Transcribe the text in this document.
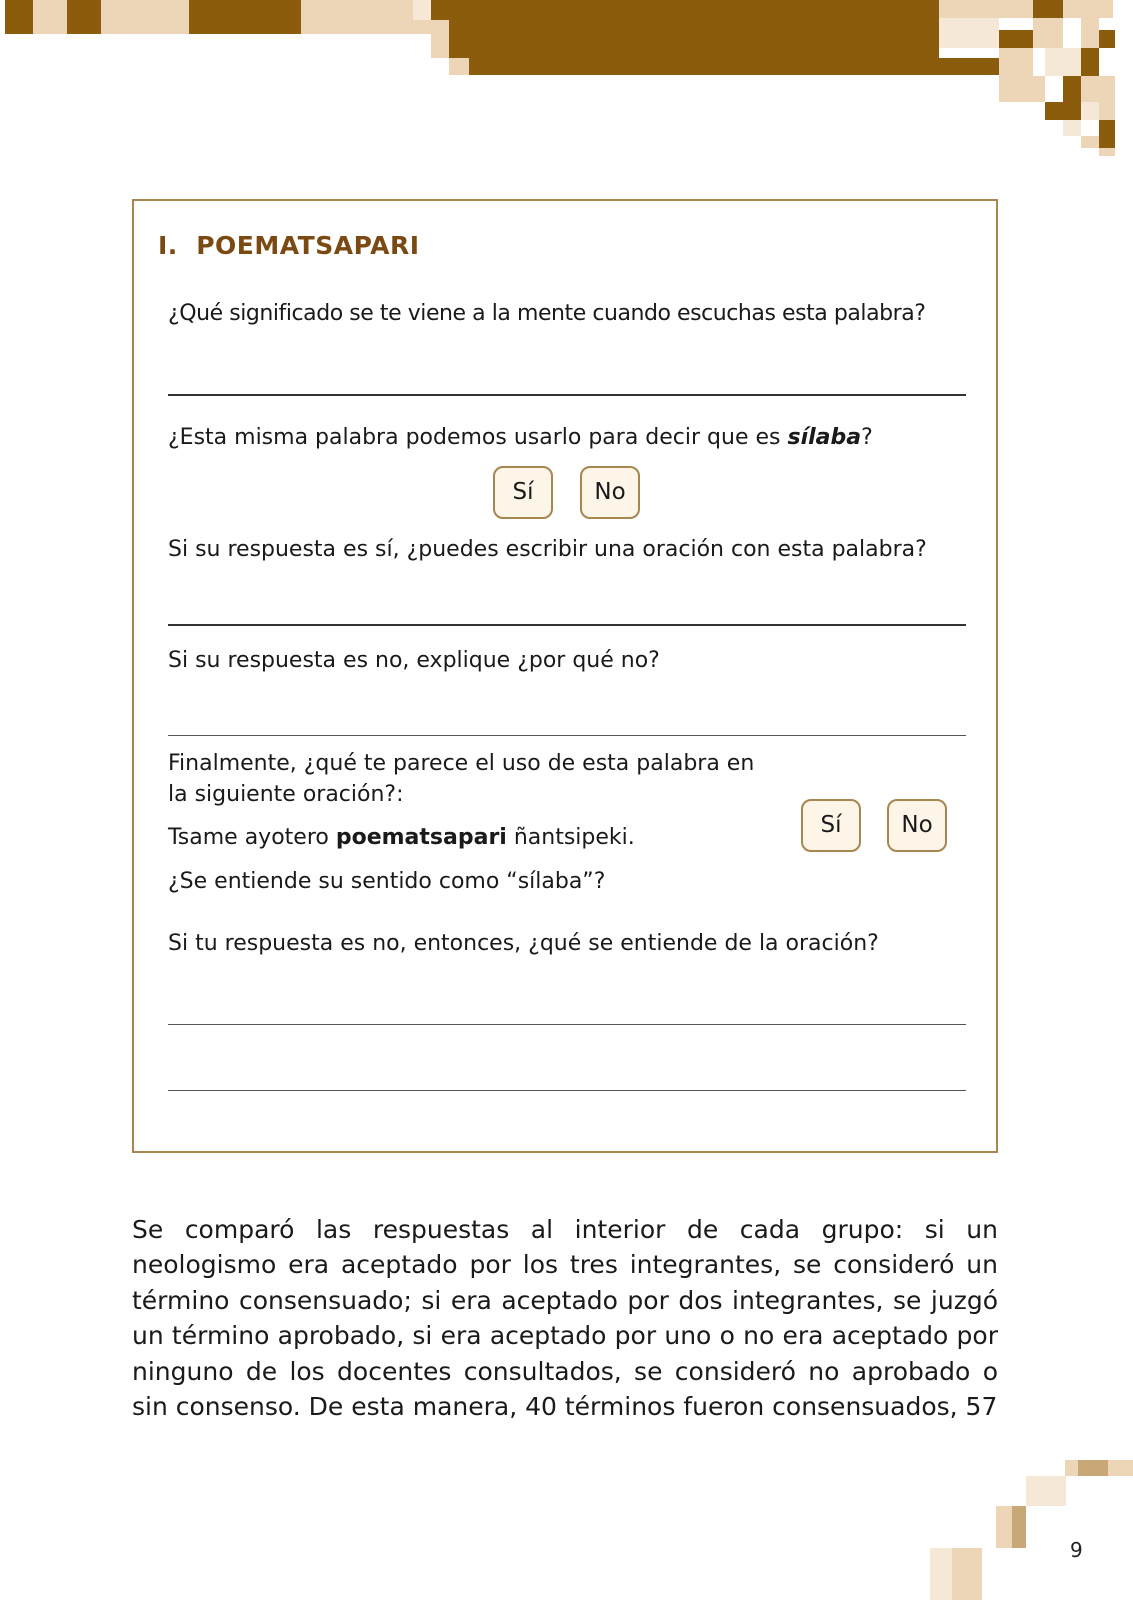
I. POEMATSAPARI
¿Qué significado se te viene a la mente cuando escuchas esta palabra?
¿Esta misma palabra podemos usarlo para decir que es sílaba?
Sí	No
Si su respuesta es sí, ¿puedes escribir una oración con esta palabra?
Si su respuesta es no, explique ¿por qué no?
Finalmente, ¿qué te parece el uso de esta palabra en
la siguiente oración?:
Tsame ayotero poematsapari ñantsipeki.
¿Se entiende su sentido como “sílaba”?
Sí	No
Si tu respuesta es no, entonces, ¿qué se entiende de la oración?
Se comparó las respuestas al interior de cada grupo: si un neologismo era aceptado por los tres integrantes, se consideró un término consensuado; si era aceptado por dos integrantes, se juzgó un término aprobado, si era aceptado por uno o no era aceptado por ninguno de los docentes consultados, se consideró no aprobado o sin consenso. De esta manera, 40 términos fueron consensuados, 57
9
